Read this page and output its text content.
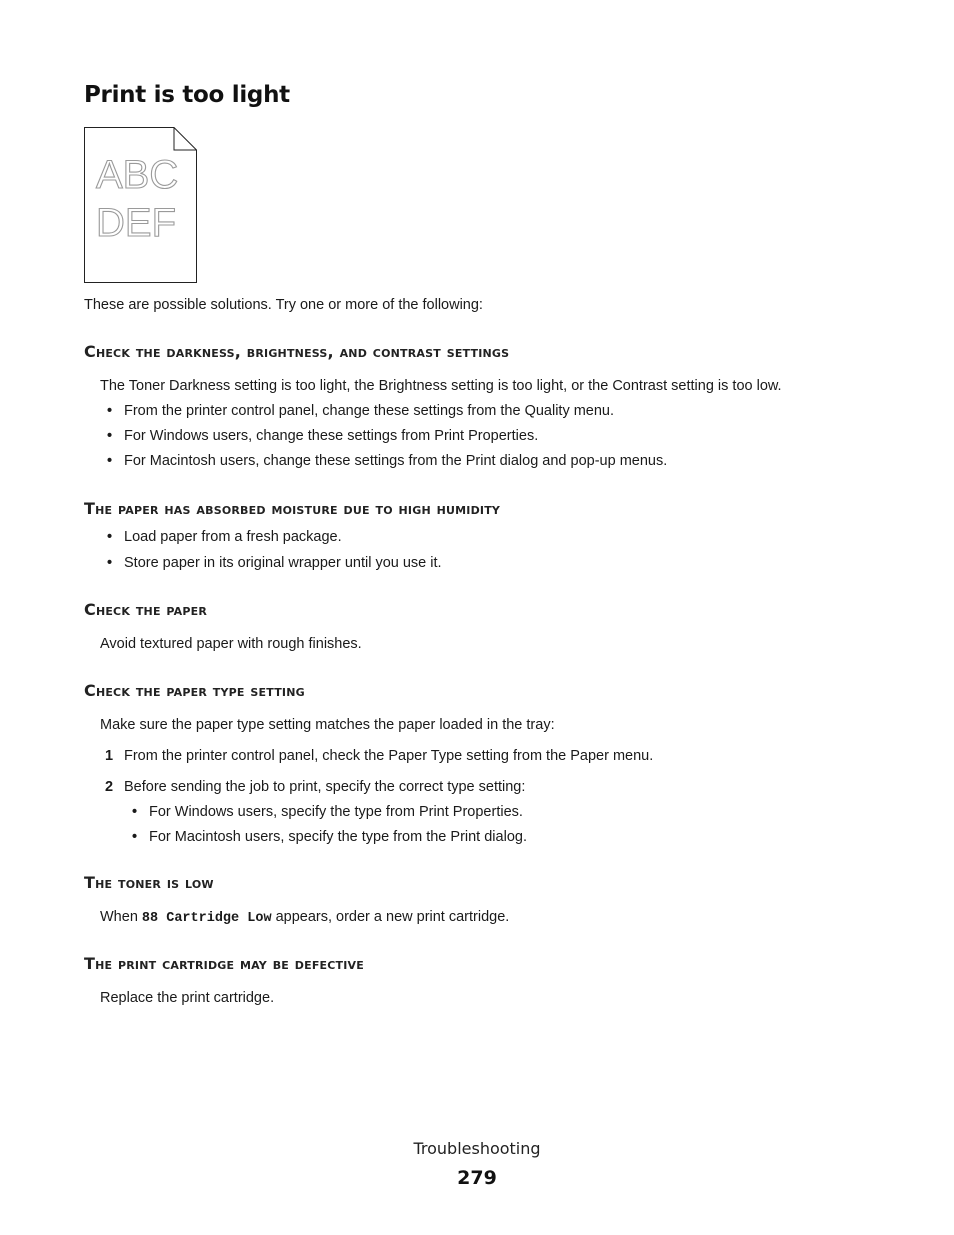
Print is too light
ABC
DEF

These are possible solutions. Try one or more of the following:

Check the darkness, brightness, and contrast settings

The Toner Darkness setting is too light, the Brightness setting is too light, or the Contrast setting is too low.

• From the printer control panel, change these settings from the Quality menu.
• For Windows users, change these settings from Print Properties.
• For Macintosh users, change these settings from the Print dialog and pop-up menus.
The paper has absorbed moisture due to high humidity
• Load paper from a fresh package.
• Store paper in its original wrapper until you use it.
Check the paper

Avoid textured paper with rough finishes.

Check the paper type setting

Make sure the paper type setting matches the paper loaded in the tray:

1 From the printer control panel, check the Paper Type setting from the Paper menu.
2 Before sending the job to print, specify the correct type setting:
• For Windows users, specify the type from Print Properties.
• For Macintosh users, specify the type from the Print dialog.
The toner is low

When 88 Cartridge Low appears, order a new print cartridge.

The print cartridge may be defective

Replace the print cartridge.

Troubleshooting
279
